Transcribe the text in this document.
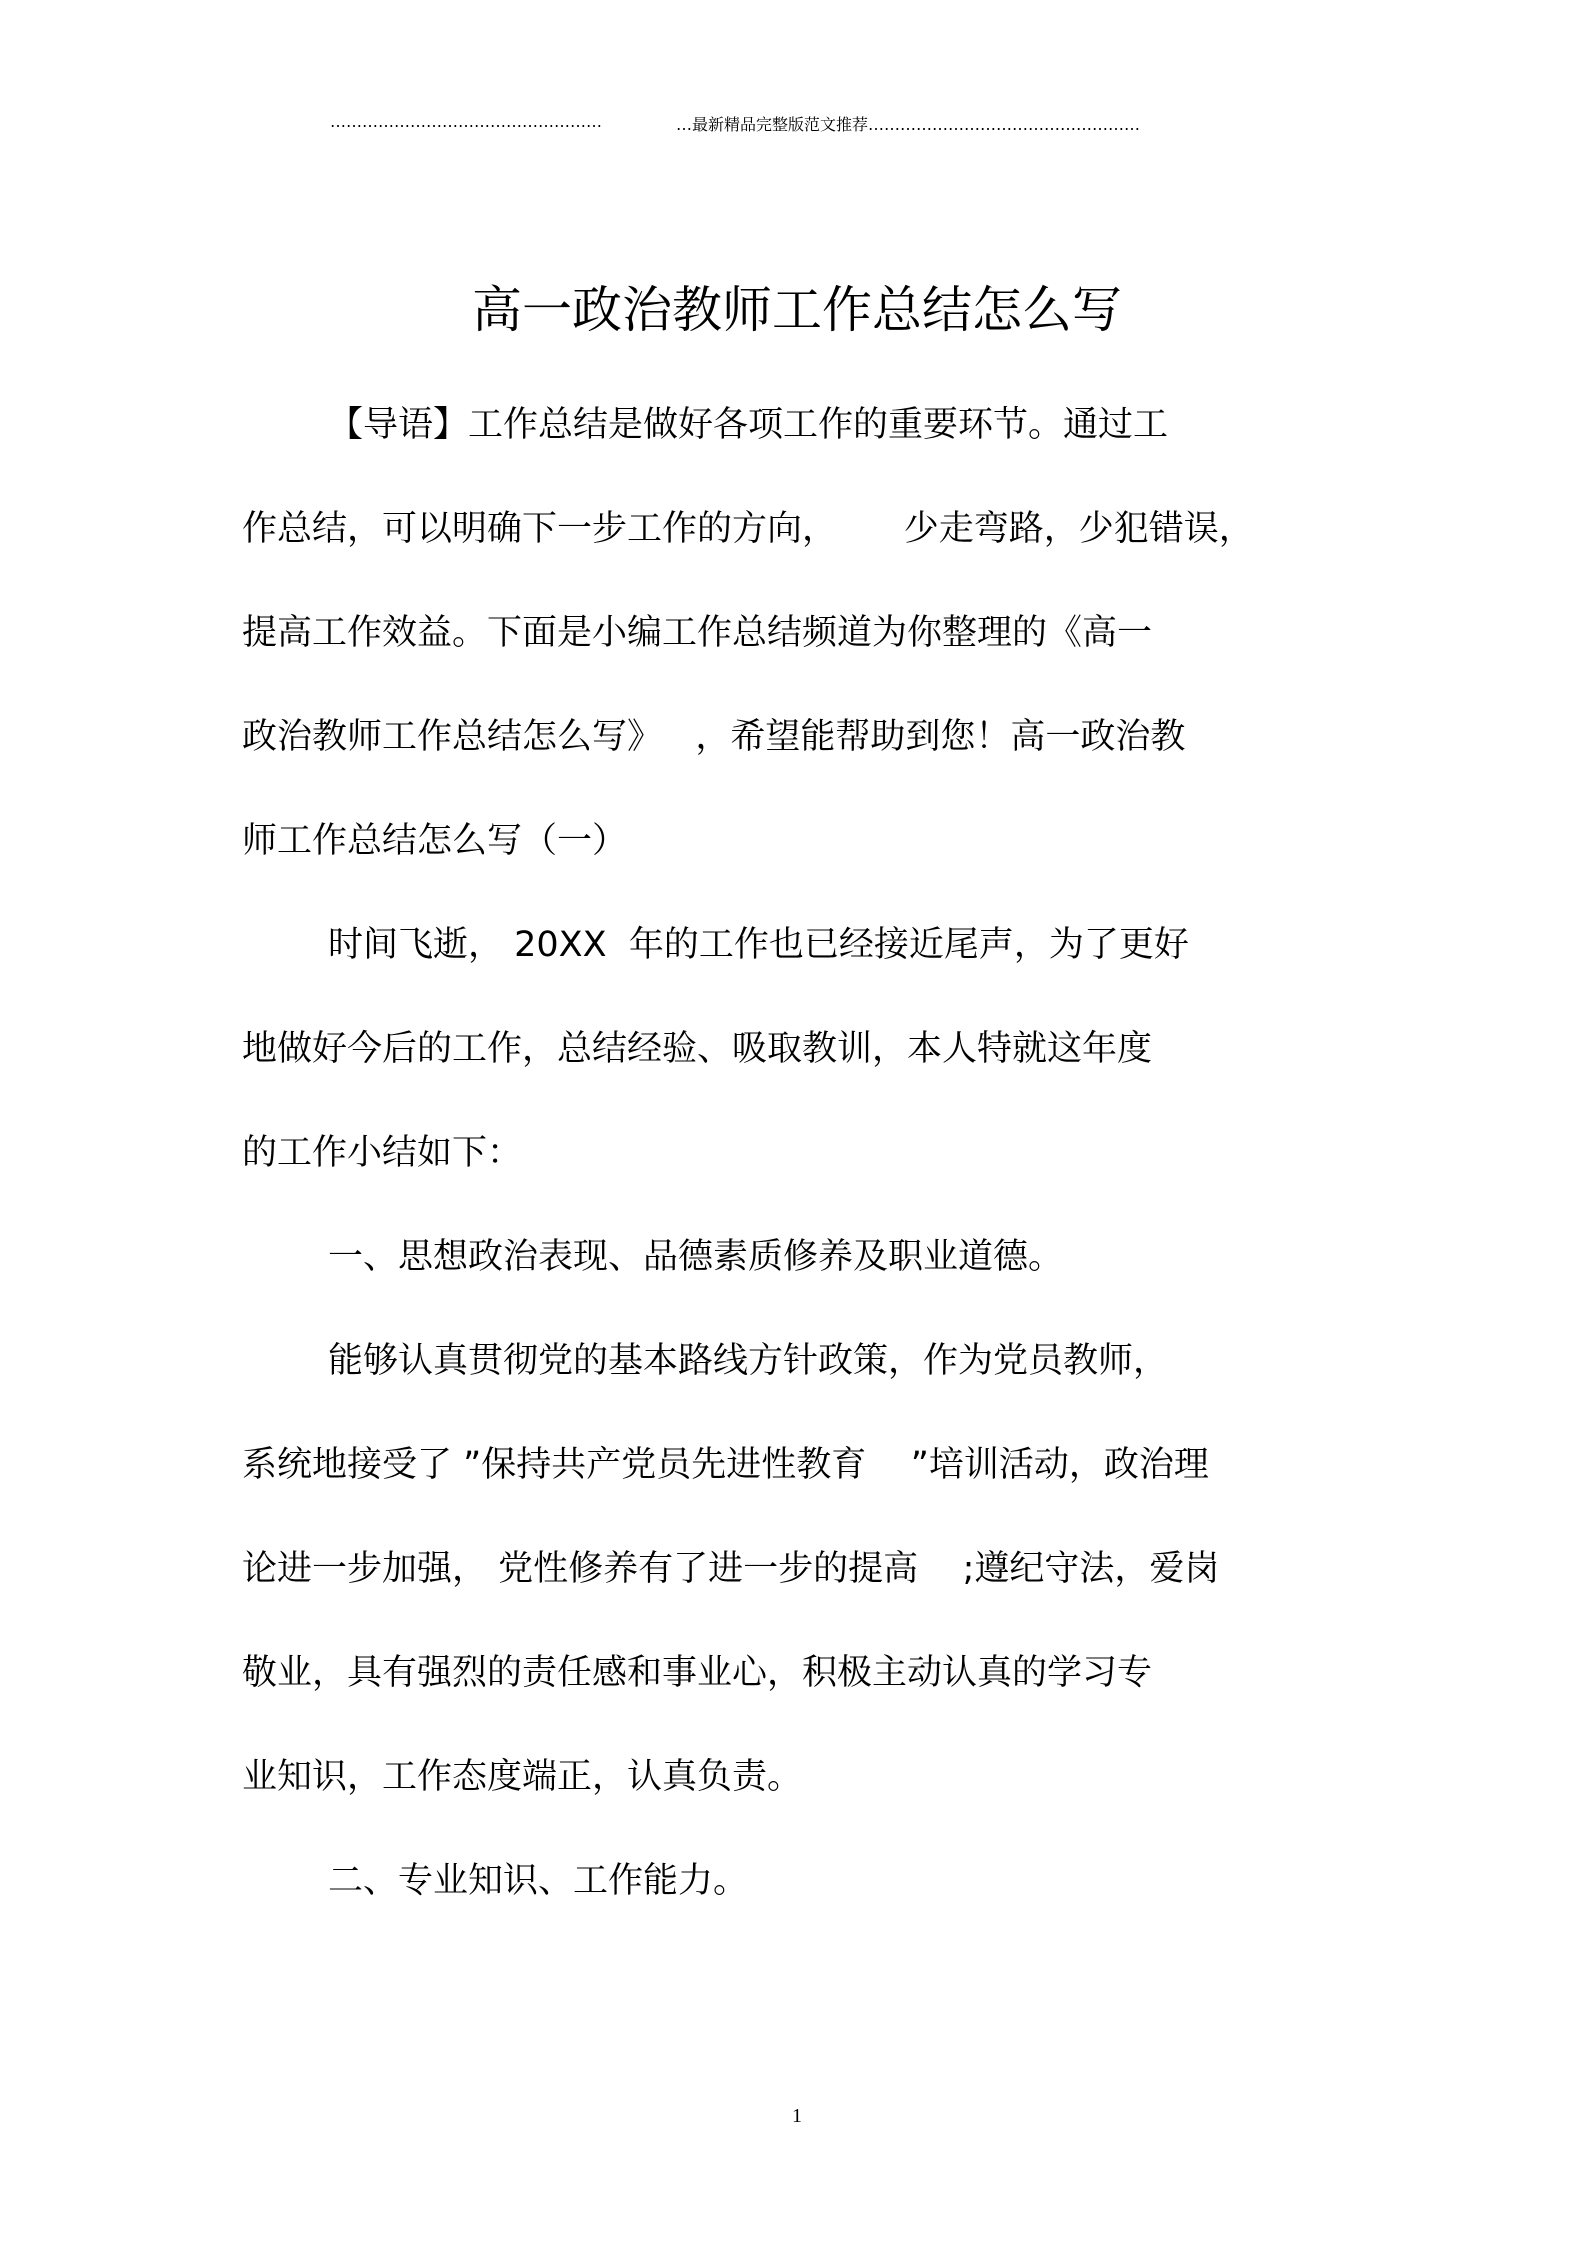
……………………………………………	…最新精品完整版范文推荐……………………………………………
高一政治教师工作总结怎么写
【导语】工作总结是做好各项工作的重要环节。通过工
作总结，可以明确下一步工作的方向，      少走弯路，少犯错误，
提高工作效益。下面是小编工作总结频道为你整理的《高一
政治教师工作总结怎么写》   ，希望能帮助到您！高一政治教
师工作总结怎么写（一）
时间飞逝， 20XX  年的工作也已经接近尾声，为了更好
地做好今后的工作，总结经验、吸取教训，本人特就这年度
的工作小结如下：
一、思想政治表现、品德素质修养及职业道德。
能够认真贯彻党的基本路线方针政策，作为党员教师，
系统地接受了 ”保持共产党员先进性教育    ”培训活动，政治理
论进一步加强， 党性修养有了进一步的提高    ;遵纪守法，爱岗
敬业，具有强烈的责任感和事业心，积极主动认真的学习专
业知识，工作态度端正，认真负责。
二、专业知识、工作能力。
1
